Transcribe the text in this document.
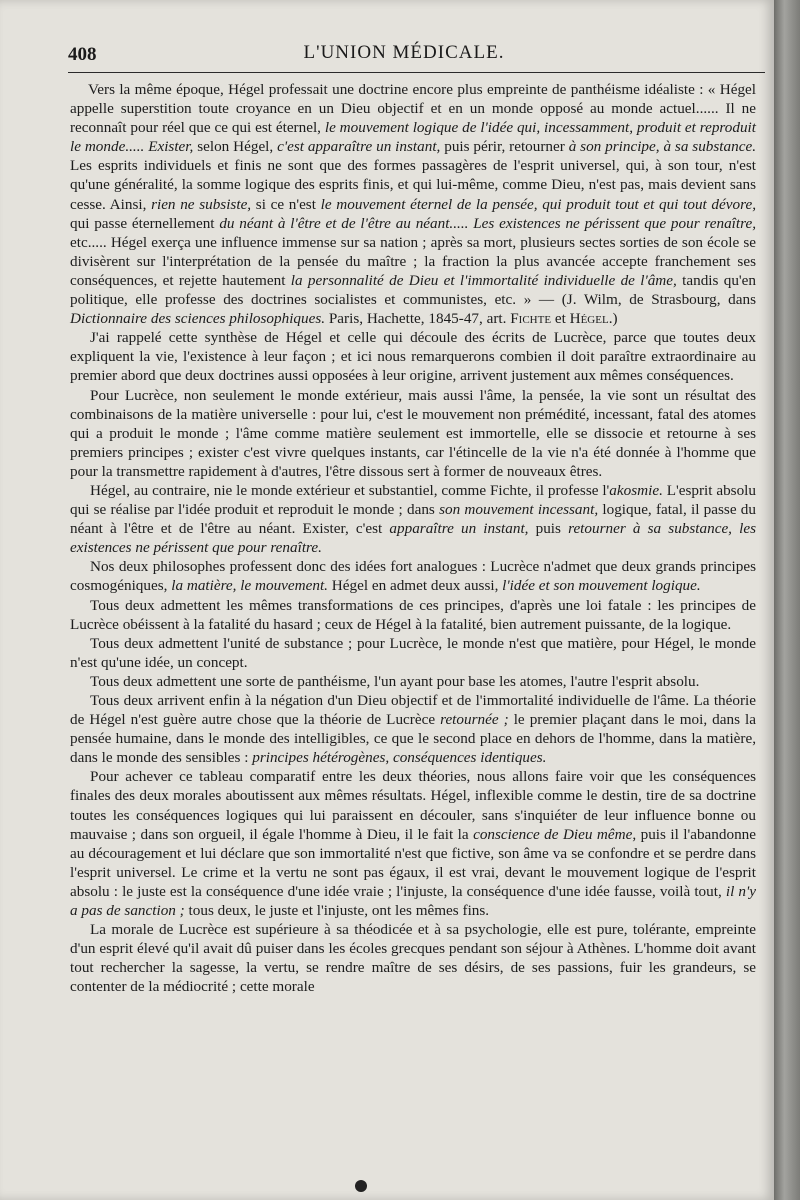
408	L'UNION MÉDICALE.

Vers la même époque, Hégel professait une doctrine encore plus empreinte de panthéisme idéaliste : « Hégel appelle superstition toute croyance en un Dieu objectif et en un monde opposé au monde actuel...... Il ne reconnaît pour réel que ce qui est éternel, le mouvement logique de l'idée qui, incessamment, produit et reproduit le monde..... Exister, selon Hégel, c'est apparaître un instant, puis périr, retourner à son principe, à sa substance. Les esprits individuels et finis ne sont que des formes passagères de l'esprit universel, qui, à son tour, n'est qu'une généralité, la somme logique des esprits finis, et qui lui-même, comme Dieu, n'est pas, mais devient sans cesse. Ainsi, rien ne subsiste, si ce n'est le mouvement éternel de la pensée, qui produit tout et qui tout dévore, qui passe éternellement du néant à l'être et de l'être au néant..... Les existences ne périssent que pour renaître, etc..... Hégel exerça une influence immense sur sa nation ; après sa mort, plusieurs sectes sorties de son école se divisèrent sur l'interprétation de la pensée du maître ; la fraction la plus avancée accepte franchement ses conséquences, et rejette hautement la personnalité de Dieu et l'immortalité individuelle de l'âme, tandis qu'en politique, elle professe des doctrines socialistes et communistes, etc. » — (J. Wilm, de Strasbourg, dans Dictionnaire des sciences philosophiques. Paris, Hachette, 1845-47, art. Fichte et Hégel.)

J'ai rappelé cette synthèse de Hégel et celle qui découle des écrits de Lucrèce, parce que toutes deux expliquent la vie, l'existence à leur façon ; et ici nous remarquerons combien il doit paraître extraordinaire au premier abord que deux doctrines aussi opposées à leur origine, arrivent justement aux mêmes conséquences.

Pour Lucrèce, non seulement le monde extérieur, mais aussi l'âme, la pensée, la vie sont un résultat des combinaisons de la matière universelle : pour lui, c'est le mouvement non prémédité, incessant, fatal des atomes qui a produit le monde ; l'âme comme matière seulement est immortelle, elle se dissocie et retourne à ses premiers principes ; exister c'est vivre quelques instants, car l'étincelle de la vie n'a été donnée à l'homme que pour la transmettre rapidement à d'autres, l'être dissous sert à former de nouveaux êtres.

Hégel, au contraire, nie le monde extérieur et substantiel, comme Fichte, il professe l'akosmie. L'esprit absolu qui se réalise par l'idée produit et reproduit le monde ; dans son mouvement incessant, logique, fatal, il passe du néant à l'être et de l'être au néant. Exister, c'est apparaître un instant, puis retourner à sa substance, les existences ne périssent que pour renaître.

Nos deux philosophes professent donc des idées fort analogues : Lucrèce n'admet que deux grands principes cosmogéniques, la matière, le mouvement. Hégel en admet deux aussi, l'idée et son mouvement logique.

Tous deux admettent les mêmes transformations de ces principes, d'après une loi fatale : les principes de Lucrèce obéissent à la fatalité du hasard ; ceux de Hégel à la fatalité, bien autrement puissante, de la logique.

Tous deux admettent l'unité de substance ; pour Lucrèce, le monde n'est que matière, pour Hégel, le monde n'est qu'une idée, un concept.

Tous deux admettent une sorte de panthéisme, l'un ayant pour base les atomes, l'autre l'esprit absolu.

Tous deux arrivent enfin à la négation d'un Dieu objectif et de l'immortalité individuelle de l'âme. La théorie de Hégel n'est guère autre chose que la théorie de Lucrèce retournée ; le premier plaçant dans le moi, dans la pensée humaine, dans le monde des intelligibles, ce que le second place en dehors de l'homme, dans la matière, dans le monde des sensibles : principes hétérogènes, conséquences identiques.

Pour achever ce tableau comparatif entre les deux théories, nous allons faire voir que les conséquences finales des deux morales aboutissent aux mêmes résultats. Hégel, inflexible comme le destin, tire de sa doctrine toutes les conséquences logiques qui lui paraissent en découler, sans s'inquiéter de leur influence bonne ou mauvaise ; dans son orgueil, il égale l'homme à Dieu, il le fait la conscience de Dieu même, puis il l'abandonne au découragement et lui déclare que son immortalité n'est que fictive, son âme va se confondre et se perdre dans l'esprit universel. Le crime et la vertu ne sont pas égaux, il est vrai, devant le mouvement logique de l'esprit absolu : le juste est la conséquence d'une idée vraie ; l'injuste, la conséquence d'une idée fausse, voilà tout, il n'y a pas de sanction ; tous deux, le juste et l'injuste, ont les mêmes fins.

La morale de Lucrèce est supérieure à sa théodicée et à sa psychologie, elle est pure, tolérante, empreinte d'un esprit élevé qu'il avait dû puiser dans les écoles grecques pendant son séjour à Athènes. L'homme doit avant tout rechercher la sagesse, la vertu, se rendre maître de ses désirs, de ses passions, fuir les grandeurs, se contenter de la médiocrité ; cette morale
